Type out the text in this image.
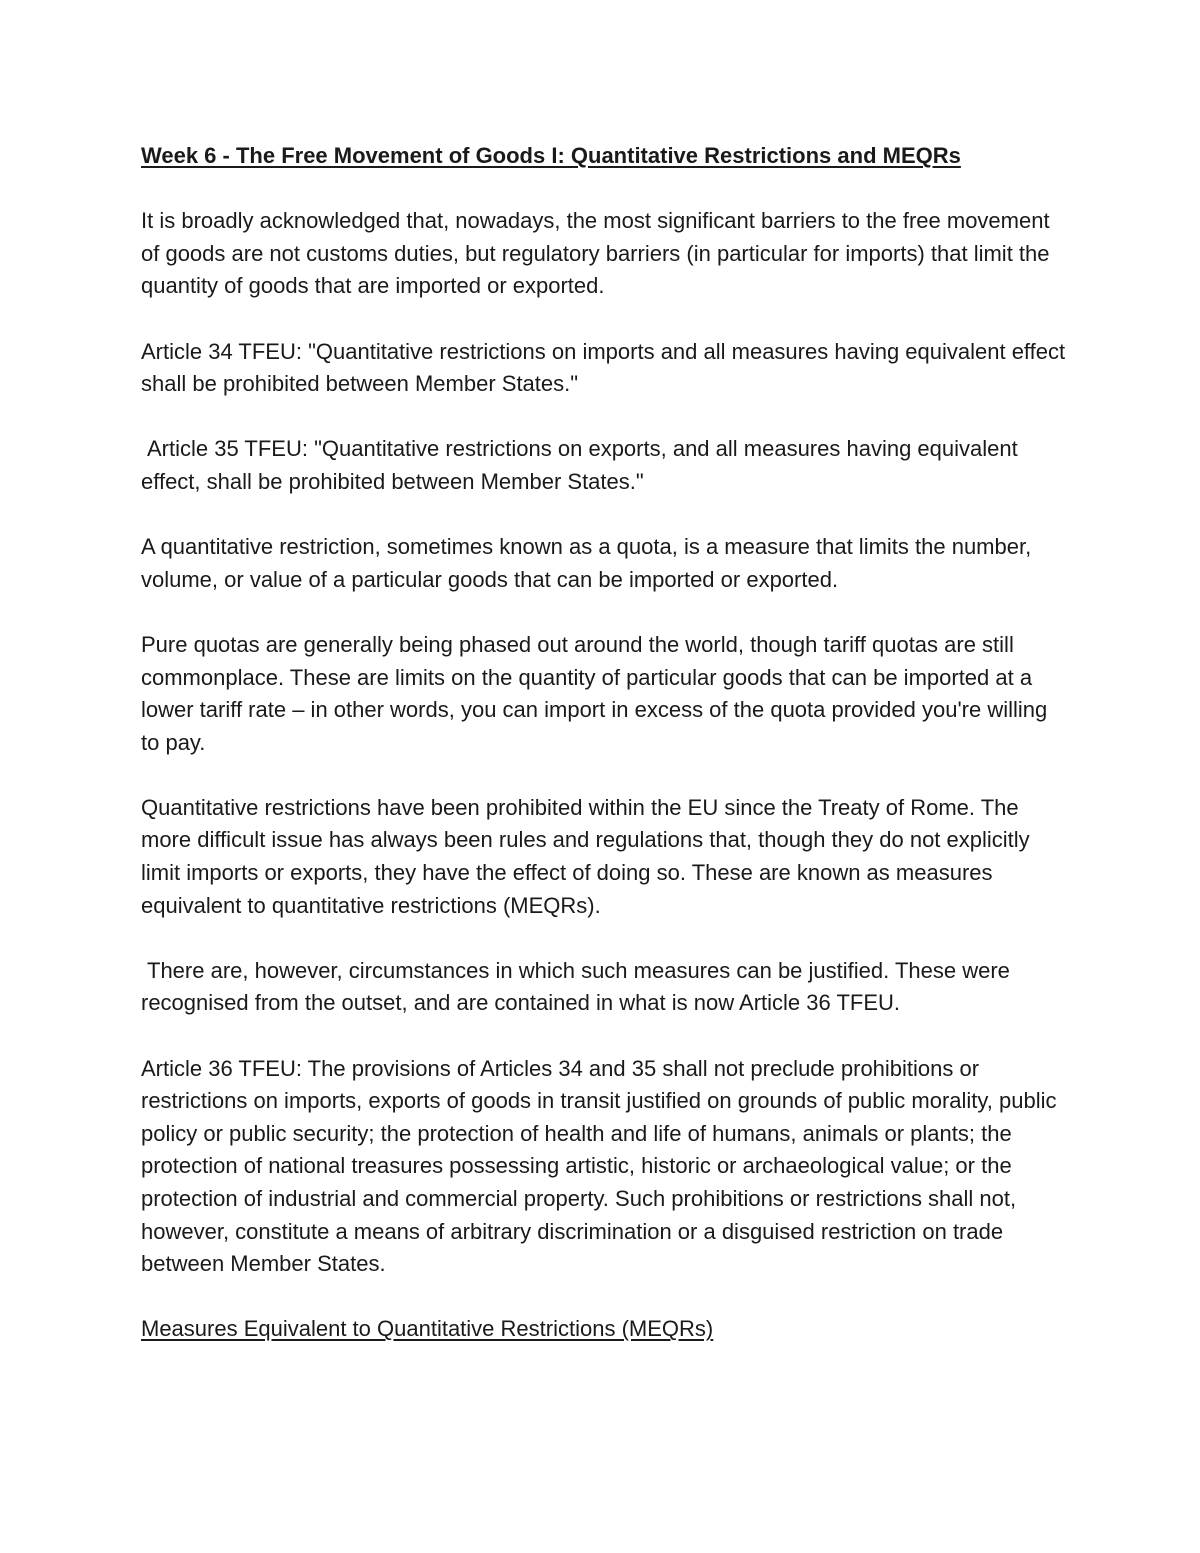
Week 6 - The Free Movement of Goods I: Quantitative Restrictions and MEQRs

It is broadly acknowledged that, nowadays, the most significant barriers to the free movement of goods are not customs duties, but regulatory barriers (in particular for imports) that limit the quantity of goods that are imported or exported.

Article 34 TFEU: "Quantitative restrictions on imports and all measures having equivalent effect shall be prohibited between Member States."

Article 35 TFEU: "Quantitative restrictions on exports, and all measures having equivalent effect, shall be prohibited between Member States."

A quantitative restriction, sometimes known as a quota, is a measure that limits the number, volume, or value of a particular goods that can be imported or exported.

Pure quotas are generally being phased out around the world, though tariff quotas are still commonplace. These are limits on the quantity of particular goods that can be imported at a lower tariff rate – in other words, you can import in excess of the quota provided you're willing to pay.

Quantitative restrictions have been prohibited within the EU since the Treaty of Rome. The more difficult issue has always been rules and regulations that, though they do not explicitly limit imports or exports, they have the effect of doing so. These are known as measures equivalent to quantitative restrictions (MEQRs).

There are, however, circumstances in which such measures can be justified. These were recognised from the outset, and are contained in what is now Article 36 TFEU.

Article 36 TFEU: The provisions of Articles 34 and 35 shall not preclude prohibitions or restrictions on imports, exports of goods in transit justified on grounds of public morality, public policy or public security; the protection of health and life of humans, animals or plants; the protection of national treasures possessing artistic, historic or archaeological value; or the protection of industrial and commercial property. Such prohibitions or restrictions shall not, however, constitute a means of arbitrary discrimination or a disguised restriction on trade between Member States.

Measures Equivalent to Quantitative Restrictions (MEQRs)
